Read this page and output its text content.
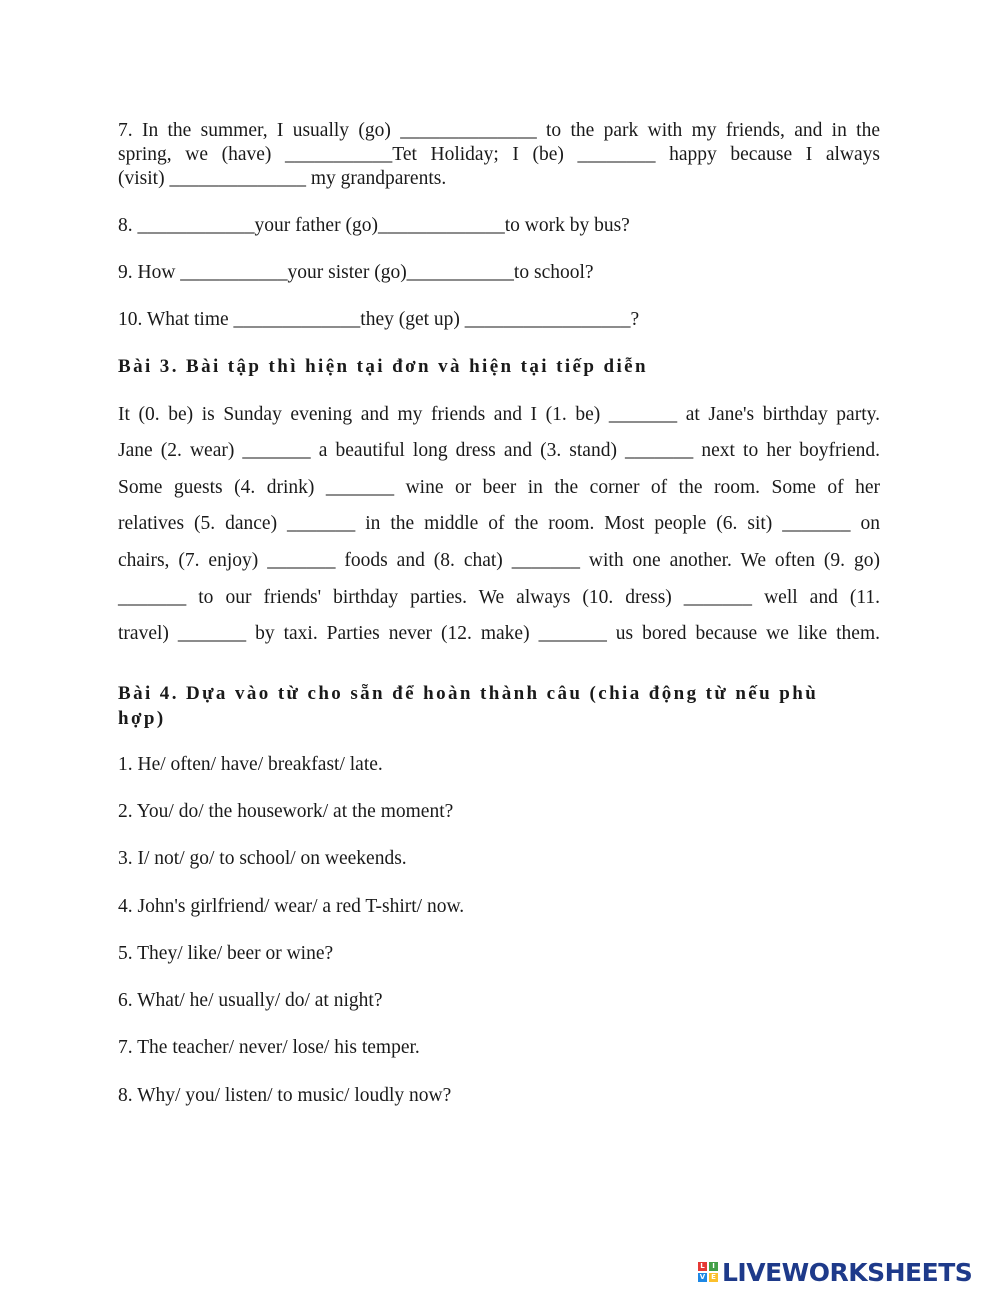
7. In the summer, I usually (go) ______________ to the park with my friends, and in the
spring, we (have) ___________Tet Holiday; I (be) ________ happy because I always
(visit) ______________ my grandparents.
8. ____________your father (go)_____________to work by bus?
9. How ___________your sister (go)___________to school?
10. What time _____________they (get up) _________________?
Bài 3. Bài tập thì hiện tại đơn và hiện tại tiếp diễn
It (0. be) is Sunday evening and my friends and I (1. be) _______ at Jane's birthday party.
Jane (2. wear) _______ a beautiful long dress and (3. stand) _______ next to her boyfriend.
Some guests (4. drink) _______ wine or beer in the corner of the room. Some of her
relatives (5. dance) _______ in the middle of the room. Most people (6. sit) _______ on
chairs, (7. enjoy) _______ foods and (8. chat) _______ with one another. We often (9. go)
_______ to our friends' birthday parties. We always (10. dress) _______ well and (11.
travel) _______ by taxi. Parties never (12. make) _______ us bored because we like them.
Bài 4. Dựa vào từ cho sẵn để hoàn thành câu (chia động từ nếu phù
hợp)
1. He/ often/ have/ breakfast/ late.
2. You/ do/ the housework/ at the moment?
3. I/ not/ go/ to school/ on weekends.
4. John's girlfriend/ wear/ a red T-shirt/ now.
5. They/ like/ beer or wine?
6. What/ he/ usually/ do/ at night?
7. The teacher/ never/ lose/ his temper.
8. Why/ you/ listen/ to music/ loudly now?
L	I
V E LIVEWORKSHEETS
